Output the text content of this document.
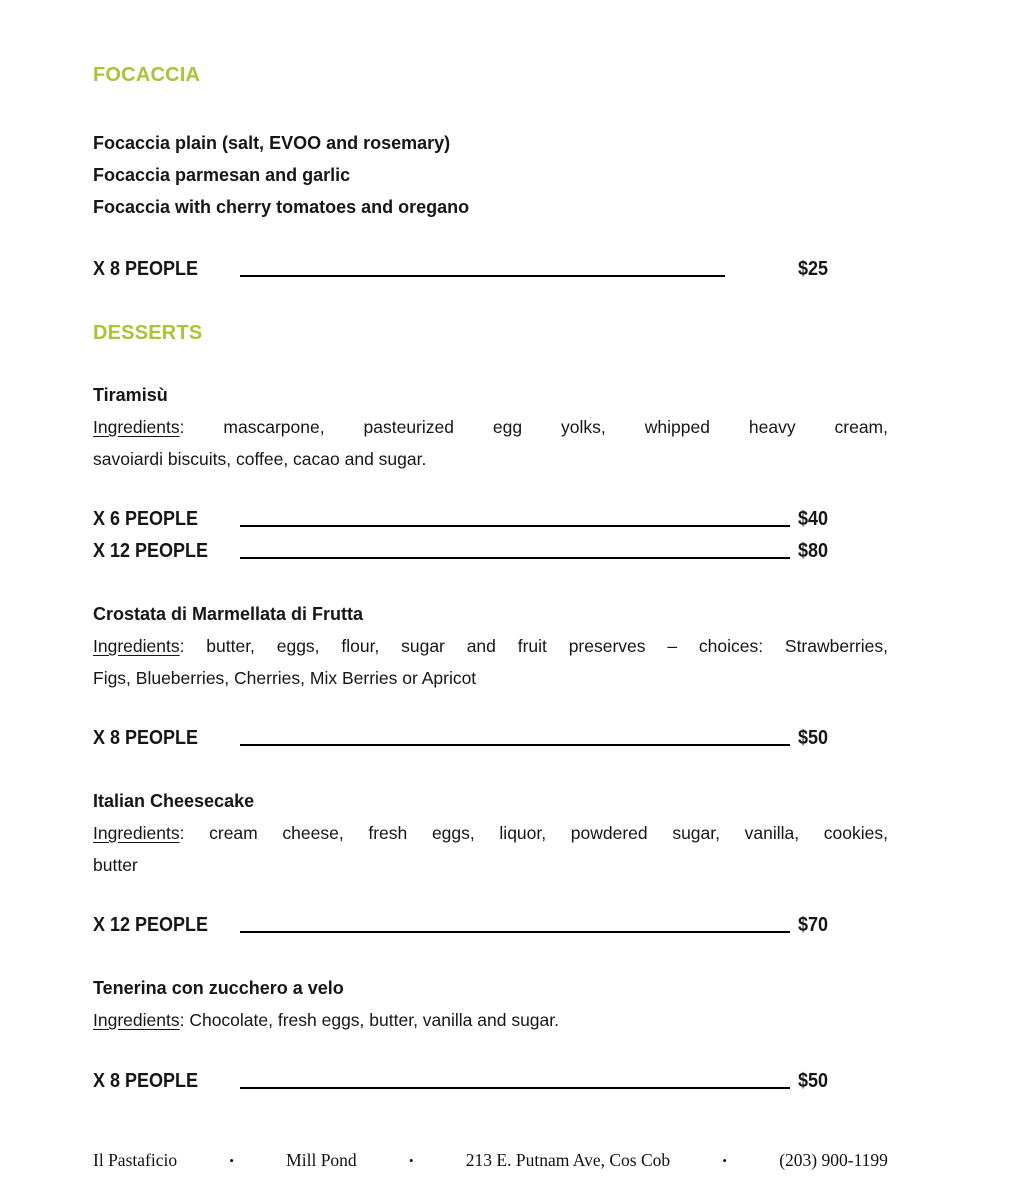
FOCACCIA
Focaccia plain (salt, EVOO and rosemary)
Focaccia parmesan and garlic
Focaccia with cherry tomatoes and oregano
X 8 PEOPLE	$25
DESSERTS
Tiramisù

Ingredients: mascarpone, pasteurized egg yolks, whipped heavy cream,
savoiardi biscuits, coffee, cacao and sugar.

X 6 PEOPLE	$40
X 12 PEOPLE	$80
Crostata di Marmellata di Frutta

Ingredients: butter, eggs, flour, sugar and fruit preserves – choices: Strawberries,
Figs, Blueberries, Cherries, Mix Berries or Apricot

X 8 PEOPLE	$50
Italian Cheesecake

Ingredients: cream cheese, fresh eggs, liquor, powdered sugar, vanilla, cookies,
butter

X 12 PEOPLE	$70
Tenerina con zucchero a velo

Ingredients: Chocolate, fresh eggs, butter, vanilla and sugar.

X 8 PEOPLE	$50
Il Pastaficio	•	Mill Pond	•	213 E. Putnam Ave, Cos Cob	•	(203) 900-1199
